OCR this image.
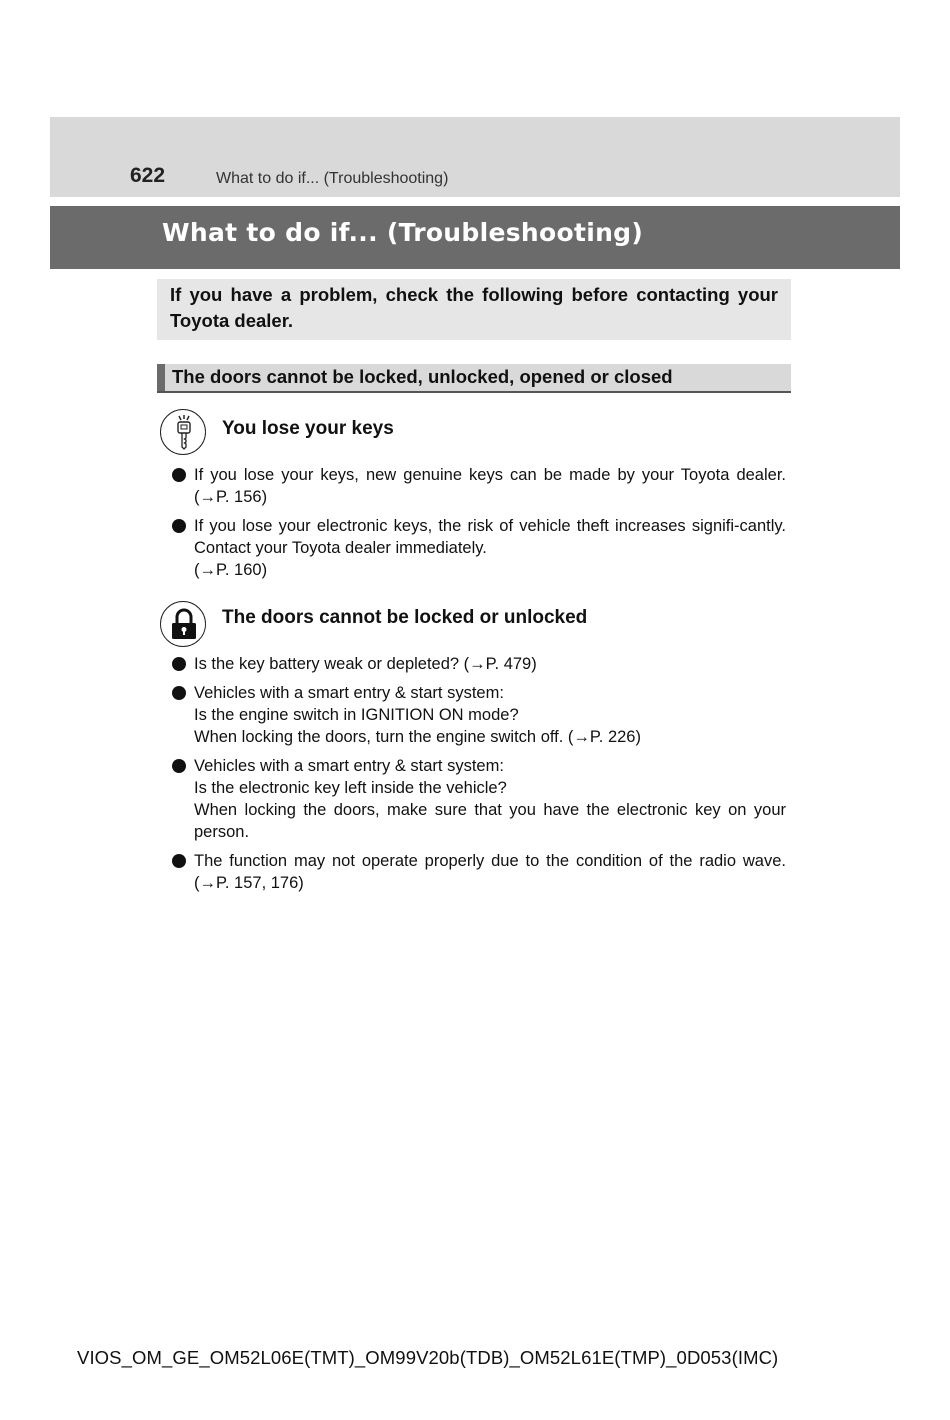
622	What to do if... (Troubleshooting)
What to do if... (Troubleshooting)
If you have a problem, check the following before contacting your Toyota dealer.
The doors cannot be locked, unlocked, opened or closed
You lose your keys
If you lose your keys, new genuine keys can be made by your Toyota dealer. (→P. 156)
If you lose your electronic keys, the risk of vehicle theft increases signifi-cantly. Contact your Toyota dealer immediately.
(→P. 160)
The doors cannot be locked or unlocked
Is the key battery weak or depleted? (→P. 479)
Vehicles with a smart entry & start system:
Is the engine switch in IGNITION ON mode?
When locking the doors, turn the engine switch off. (→P. 226)
Vehicles with a smart entry & start system:
Is the electronic key left inside the vehicle?
When locking the doors, make sure that you have the electronic key on your person.
The function may not operate properly due to the condition of the radio wave. (→P. 157, 176)
VIOS_OM_GE_OM52L06E(TMT)_OM99V20b(TDB)_OM52L61E(TMP)_0D053(IMC)
